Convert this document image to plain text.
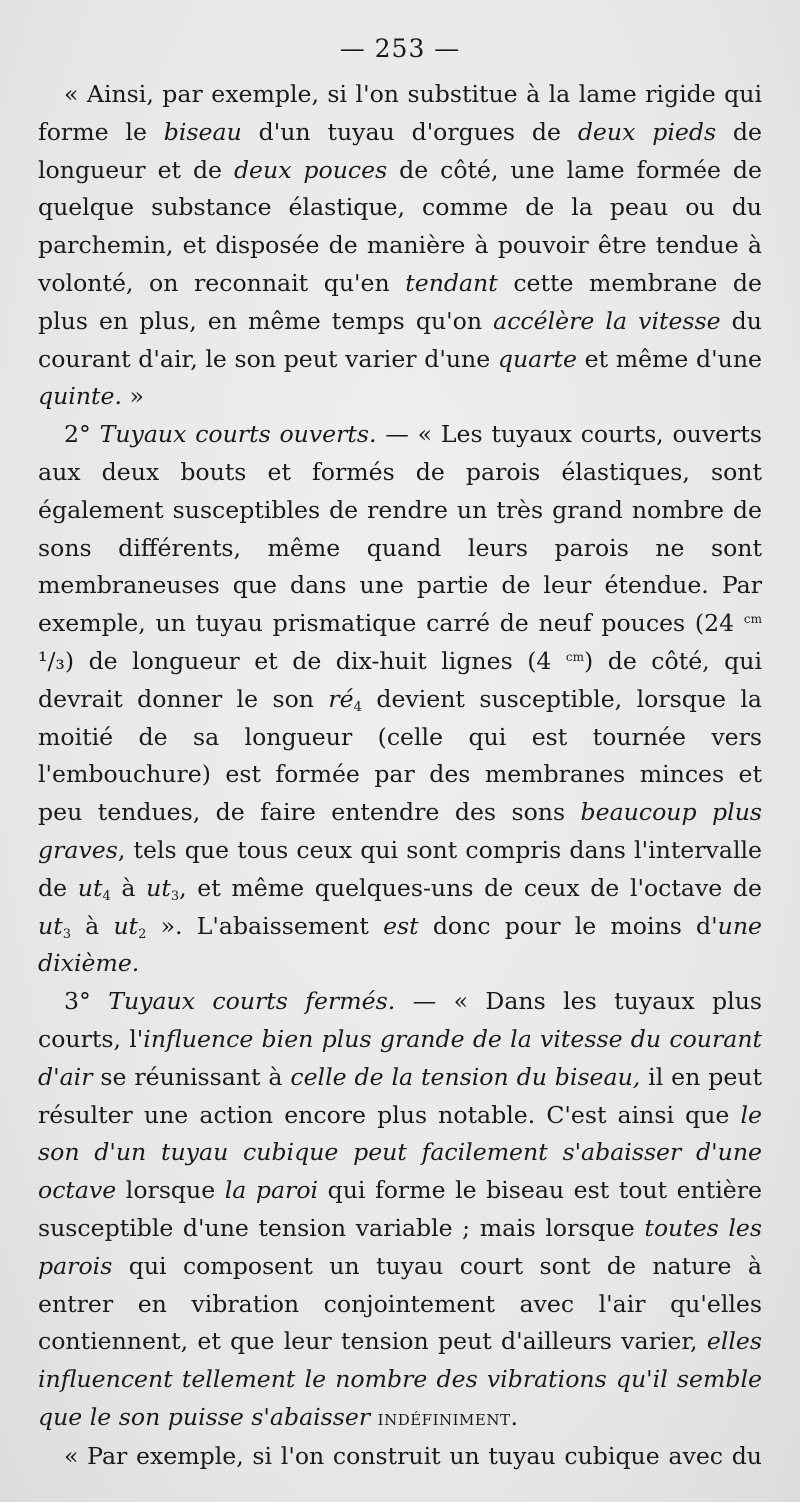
— 253 —

« Ainsi, par exemple, si l'on substitue à la lame rigide qui forme le biseau d'un tuyau d'orgues de deux pieds de longueur et de deux pouces de côté, une lame formée de quelque substance élastique, comme de la peau ou du parchemin, et disposée de manière à pouvoir être tendue à volonté, on reconnait qu'en tendant cette membrane de plus en plus, en même temps qu'on accélère la vitesse du courant d'air, le son peut varier d'une quarte et même d'une quinte. »

2° Tuyaux courts ouverts. — « Les tuyaux courts, ouverts aux deux bouts et formés de parois élastiques, sont également susceptibles de rendre un très grand nombre de sons différents, même quand leurs parois ne sont membraneuses que dans une partie de leur étendue. Par exemple, un tuyau prismatique carré de neuf pouces (24 $^{cm}$ ¹/₃) de longueur et de dix-huit lignes (4 $^{cm}$) de côté, qui devrait donner le son $ré_4$ devient susceptible, lorsque la moitié de sa longueur (celle qui est tournée vers l'embouchure) est formée par des membranes minces et peu tendues, de faire entendre des sons beaucoup plus graves, tels que tous ceux qui sont compris dans l'intervalle de $ut_4$ à $ut_3$, et même quelques-uns de ceux de l'octave de $ut_3$ à $ut_2$ ». L'abaissement est donc pour le moins d'une dixième.

3° Tuyaux courts fermés. — « Dans les tuyaux plus courts, l'influence bien plus grande de la vitesse du courant d'air se réunissant à celle de la tension du biseau, il en peut résulter une action encore plus notable. C'est ainsi que le son d'un tuyau cubique peut facilement s'abaisser d'une octave lorsque la paroi qui forme le biseau est tout entière susceptible d'une tension variable ; mais lorsque toutes les parois qui composent un tuyau court sont de nature à entrer en vibration conjointement avec l'air qu'elles contiennent, et que leur tension peut d'ailleurs varier, elles influencent tellement le nombre des vibrations qu'il semble que le son puisse s'abaisser indéfiniment.

« Par exemple, si l'on construit un tuyau cubique avec du
